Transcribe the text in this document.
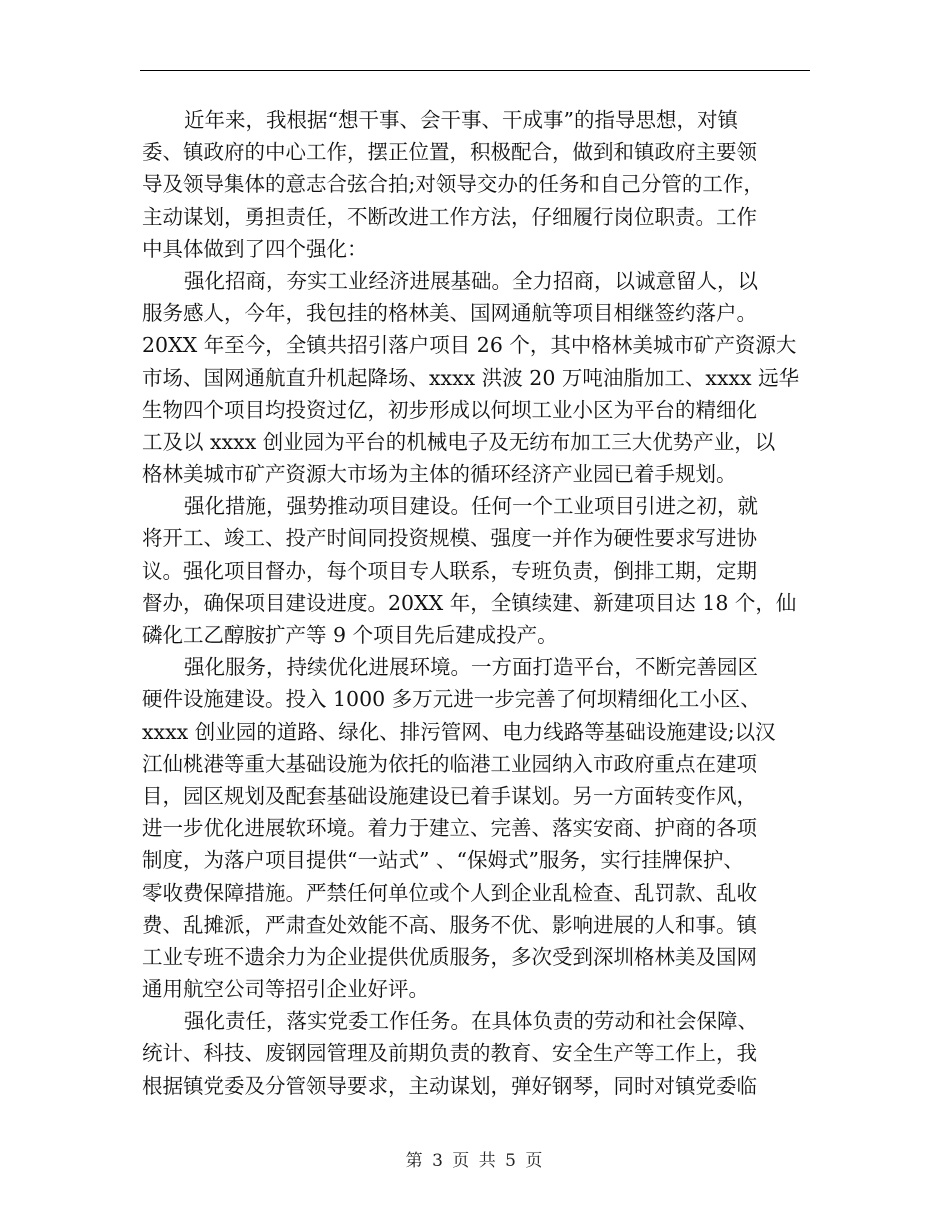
近年来，我根据“想干事、会干事、干成事”的指导思想，对镇
委、镇政府的中心工作，摆正位置，积极配合，做到和镇政府主要领
导及领导集体的意志合弦合拍;对领导交办的任务和自己分管的工作，
主动谋划，勇担责任，不断改进工作方法，仔细履行岗位职责。工作
中具体做到了四个强化：
强化招商，夯实工业经济进展基础。全力招商，以诚意留人，以
服务感人，今年，我包挂的格林美、国网通航等项目相继签约落户。
20XX 年至今，全镇共招引落户项目 26 个，其中格林美城市矿产资源大
市场、国网通航直升机起降场、xxxx 洪波 20 万吨油脂加工、xxxx 远华
生物四个项目均投资过亿，初步形成以何坝工业小区为平台的精细化
工及以 xxxx 创业园为平台的机械电子及无纺布加工三大优势产业，以
格林美城市矿产资源大市场为主体的循环经济产业园已着手规划。
强化措施，强势推动项目建设。任何一个工业项目引进之初，就
将开工、竣工、投产时间同投资规模、强度一并作为硬性要求写进协
议。强化项目督办，每个项目专人联系，专班负责，倒排工期，定期
督办，确保项目建设进度。20XX 年，全镇续建、新建项目达 18 个，仙
磷化工乙醇胺扩产等 9 个项目先后建成投产。
强化服务，持续优化进展环境。一方面打造平台，不断完善园区
硬件设施建设。投入 1000 多万元进一步完善了何坝精细化工小区、
xxxx 创业园的道路、绿化、排污管网、电力线路等基础设施建设;以汉
江仙桃港等重大基础设施为依托的临港工业园纳入市政府重点在建项
目，园区规划及配套基础设施建设已着手谋划。另一方面转变作风，
进一步优化进展软环境。着力于建立、完善、落实安商、护商的各项
制度，为落户项目提供“一站式” 、“保姆式”服务，实行挂牌保护、
零收费保障措施。严禁任何单位或个人到企业乱检查、乱罚款、乱收
费、乱摊派，严肃查处效能不高、服务不优、影响进展的人和事。镇
工业专班不遗余力为企业提供优质服务，多次受到深圳格林美及国网
通用航空公司等招引企业好评。
强化责任，落实党委工作任务。在具体负责的劳动和社会保障、
统计、科技、废钢园管理及前期负责的教育、安全生产等工作上，我
根据镇党委及分管领导要求，主动谋划，弹好钢琴，同时对镇党委临
第 3 页 共 5 页
